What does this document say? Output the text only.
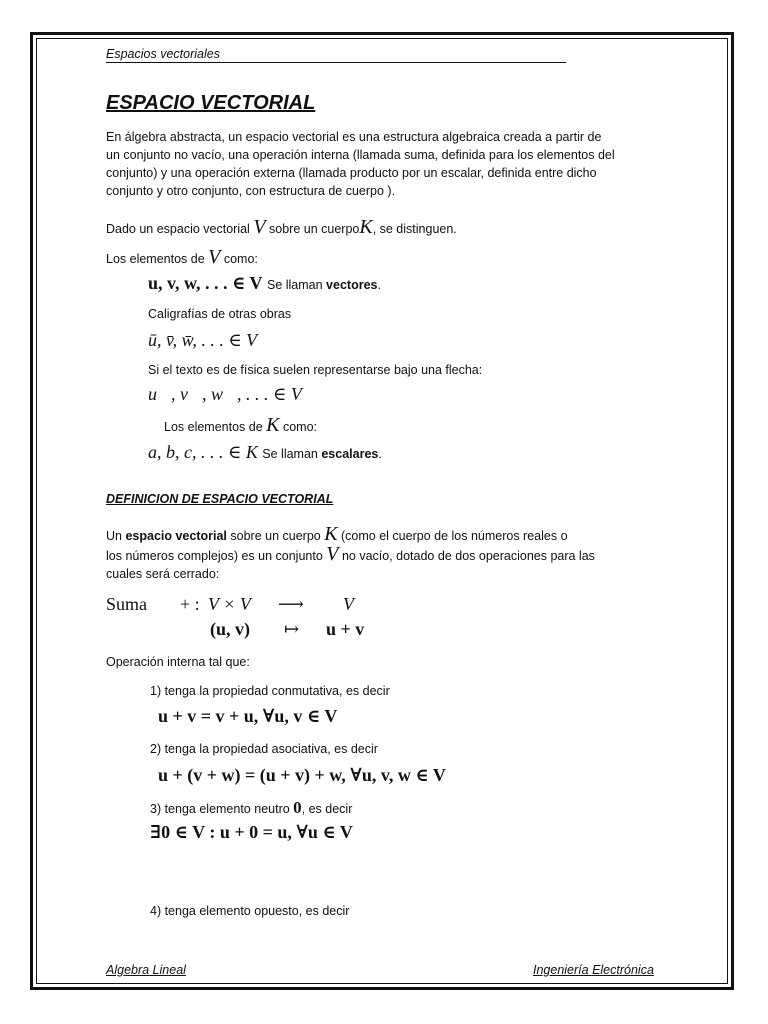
Espacios vectoriales
ESPACIO VECTORIAL
En álgebra abstracta, un espacio vectorial es una estructura algebraica creada a partir de
un conjunto no vacío, una operación interna (llamada suma, definida para los elementos del
conjunto) y una operación externa (llamada producto por un escalar, definida entre dicho
conjunto y otro conjunto, con estructura de cuerpo ).
Dado un espacio vectorial V sobre un cuerpoK, se distinguen.
Los elementos de V como:
u, v, w, . . . ∈ V Se llaman vectores.
Caligrafías de otras obras
ū, v̄, w̄, . . . ∈ V
Si el texto es de física suelen representarse bajo una flecha:
u⃗, v⃗, w⃗, . . . ∈ V
Los elementos de K como:
a, b, c, . . . ∈ K Se llaman escalares.
DEFINICION DE ESPACIO VECTORIAL
Un espacio vectorial sobre un cuerpo K (como el cuerpo de los números reales o
los números complejos) es un conjunto V no vacío, dotado de dos operaciones para las
cuales será cerrado:
Suma + : V × V ⟶ V
(u, v) ↦ u + v
Operación interna tal que:
1) tenga la propiedad conmutativa, es decir
u + v = v + u, ∀u, v ∈ V
2) tenga la propiedad asociativa, es decir
u + (v + w) = (u + v) + w, ∀u, v, w ∈ V
3) tenga elemento neutro 0, es decir
∃0 ∈ V : u + 0 = u, ∀u ∈ V
4) tenga elemento opuesto, es decir
Algebra Lineal	Ingeniería Electrónica
